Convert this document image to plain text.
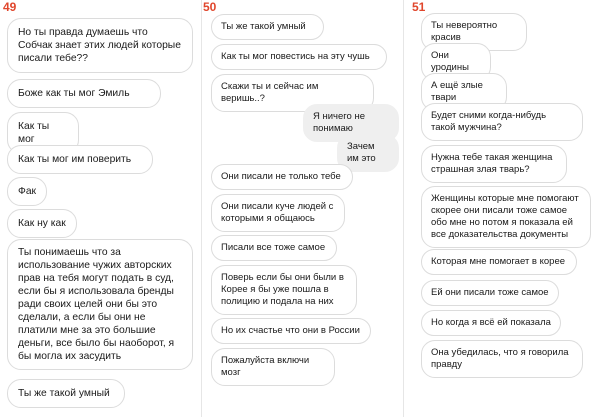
49
Но ты правда думаешь что Собчак знает этих людей которые писали тебе??
Боже как ты мог Эмиль
Как ты мог
Как ты мог им поверить
Фак
Как ну как
Ты понимаешь что за использование чужих авторских прав на тебя могут подать в суд, если бы я использовала бренды ради своих целей они бы это сделали, а если бы они не платили мне за это большие деньги, все было бы наоборот, я бы могла их засудить
Ты же такой умный
50
Ты же такой умный
Как ты мог повестись на эту чушь
Скажи ты и сейчас им веришь..?
Я ничего не понимаю
Зачем им это
Они писали не только тебе
Они писали куче людей с которыми я общаюсь
Писали все тоже самое
Поверь если бы они были в Корее я бы уже пошла в полицию и подала на них
Но их счастье что они в России
Пожалуйста включи мозг
51
Ты невероятно красив
Они уродины
А ещё злые твари
Будет сними когда-нибудь такой мужчина?
Нужна тебе такая женщина страшная злая тварь?
Женщины которые мне помогают скорее они писали тоже самое обо мне но потом я показала ей все доказательства документы
Которая мне помогает в корее
Ей они писали тоже самое
Но когда я всё ей показала
Она убедилась, что я говорила правду
